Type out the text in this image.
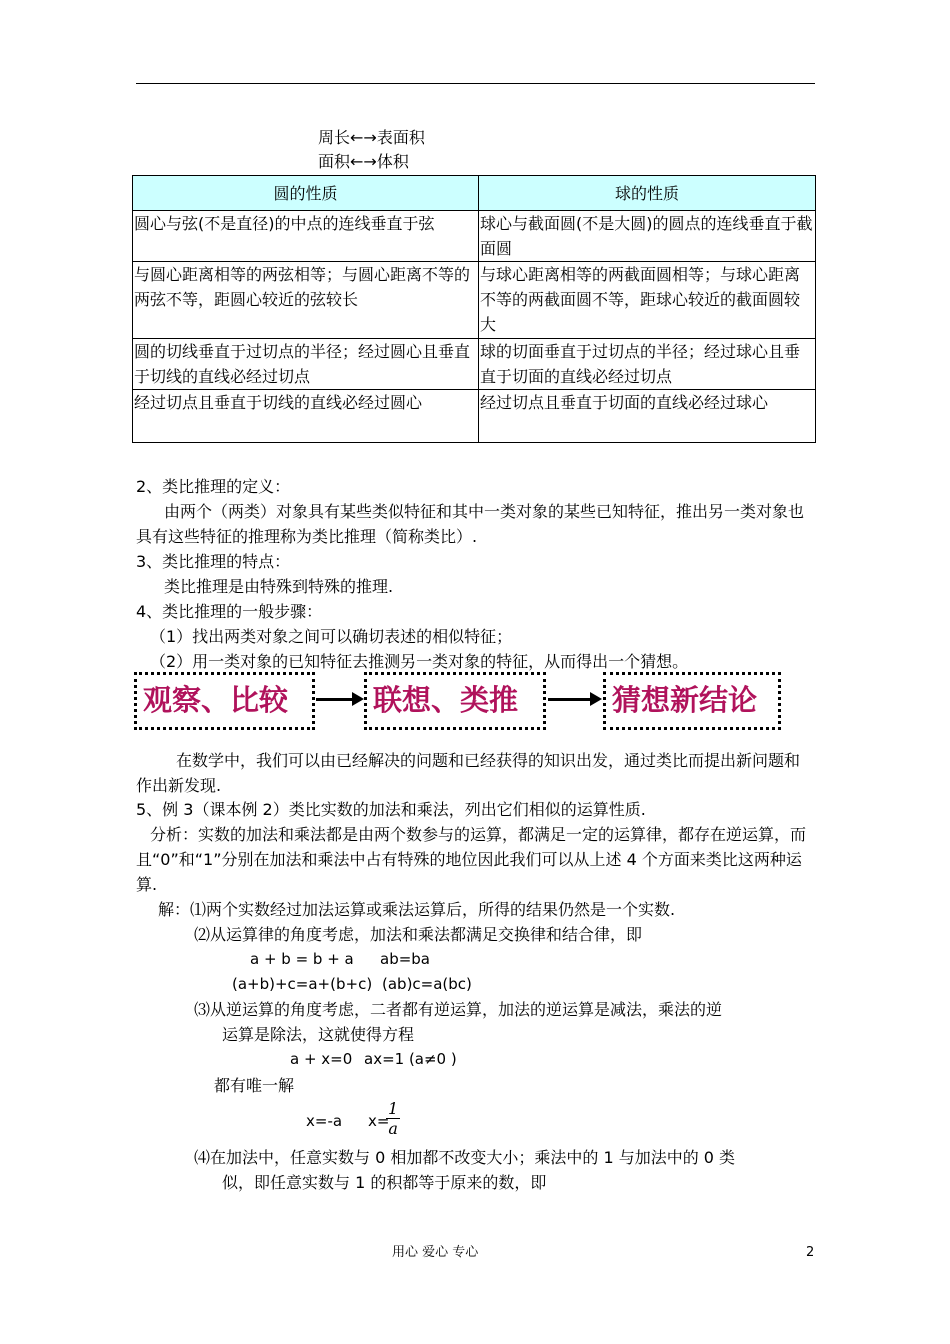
周长←→表面积
面积←→体积
圆的性质	球的性质
圆心与弦(不是直径)的中点的连线垂直于弦	球心与截面圆(不是大圆)的圆点的连线垂直于截面圆
与圆心距离相等的两弦相等；与圆心距离不等的两弦不等，距圆心较近的弦较长	与球心距离相等的两截面圆相等；与球心距离不等的两截面圆不等，距球心较近的截面圆较大
圆的切线垂直于过切点的半径；经过圆心且垂直于切线的直线必经过切点	球的切面垂直于过切点的半径；经过球心且垂直于切面的直线必经过切点
经过切点且垂直于切线的直线必经过圆心	经过切点且垂直于切面的直线必经过球心
2、类比推理的定义：
由两个（两类）对象具有某些类似特征和其中一类对象的某些已知特征，推出另一类对象也具有这些特征的推理称为类比推理（简称类比）.
3、类比推理的特点：
类比推理是由特殊到特殊的推理.
4、类比推理的一般步骤：
（1）找出两类对象之间可以确切表述的相似特征；
（2）用一类对象的已知特征去推测另一类对象的特征，从而得出一个猜想。
观察、比较	联想、类推	猜想新结论
在数学中，我们可以由已经解决的问题和已经获得的知识出发，通过类比而提出新问题和作出新发现.
5、例 3（课本例 2）类比实数的加法和乘法，列出它们相似的运算性质.
分析：实数的加法和乘法都是由两个数参与的运算，都满足一定的运算律，都存在逆运算，而且“0”和“1”分别在加法和乘法中占有特殊的地位因此我们可以从上述 4 个方面来类比这两种运算.
解：⑴两个实数经过加法运算或乘法运算后，所得的结果仍然是一个实数.
⑵从运算律的角度考虑，加法和乘法都满足交换律和结合律，即
a + b = b + a ab=ba
(a+b)+c=a+(b+c) (ab)c=a(bc)
⑶从逆运算的角度考虑，二者都有逆运算，加法的逆运算是减法，乘法的逆
运算是除法，这就使得方程
a + x=0 ax=1 (a≠0 )
都有唯一解
x=-a x=
$\frac{1}{a}$
⑷在加法中，任意实数与 0 相加都不改变大小；乘法中的 1 与加法中的 0 类
似，即任意实数与 1 的积都等于原来的数，即
用心 爱心 专心	2
